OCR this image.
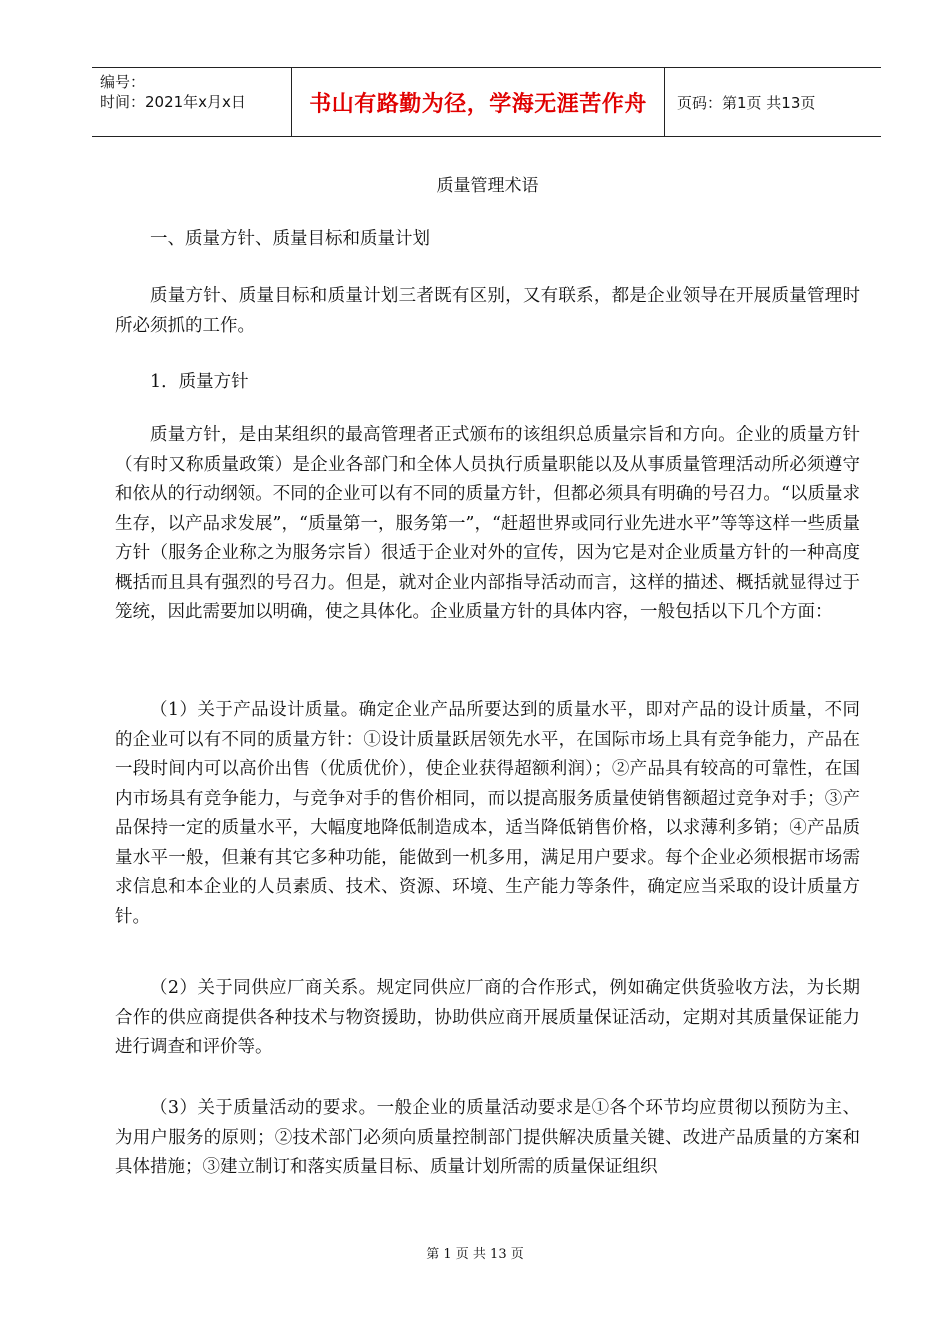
编号：
时间：2021年x月x日	书山有路勤为径，学海无涯苦作舟	页码：第1页 共13页
质量管理术语

一、质量方针、质量目标和质量计划

质量方针、质量目标和质量计划三者既有区别，又有联系，都是企业领导在开展质量管理时所必须抓的工作。

1．质量方针

质量方针，是由某组织的最高管理者正式颁布的该组织总质量宗旨和方向。企业的质量方针（有时又称质量政策）是企业各部门和全体人员执行质量职能以及从事质量管理活动所必须遵守和依从的行动纲领。不同的企业可以有不同的质量方针，但都必须具有明确的号召力。“以质量求生存，以产品求发展”，“质量第一，服务第一”，“赶超世界或同行业先进水平”等等这样一些质量方针（服务企业称之为服务宗旨）很适于企业对外的宣传，因为它是对企业质量方针的一种高度概括而且具有强烈的号召力。但是，就对企业内部指导活动而言，这样的描述、概括就显得过于笼统，因此需要加以明确，使之具体化。企业质量方针的具体内容，一般包括以下几个方面：

（1）关于产品设计质量。确定企业产品所要达到的质量水平，即对产品的设计质量，不同的企业可以有不同的质量方针：①设计质量跃居领先水平，在国际市场上具有竞争能力，产品在一段时间内可以高价出售（优质优价），使企业获得超额利润）；②产品具有较高的可靠性，在国内市场具有竞争能力，与竞争对手的售价相同，而以提高服务质量使销售额超过竞争对手；③产品保持一定的质量水平，大幅度地降低制造成本，适当降低销售价格，以求薄利多销；④产品质量水平一般，但兼有其它多种功能，能做到一机多用，满足用户要求。每个企业必须根据市场需求信息和本企业的人员素质、技术、资源、环境、生产能力等条件，确定应当采取的设计质量方针。

（2）关于同供应厂商关系。规定同供应厂商的合作形式，例如确定供货验收方法，为长期合作的供应商提供各种技术与物资援助，协助供应商开展质量保证活动，定期对其质量保证能力进行调查和评价等。

（3）关于质量活动的要求。一般企业的质量活动要求是①各个环节均应贯彻以预防为主、为用户服务的原则；②技术部门必须向质量控制部门提供解决质量关键、改进产品质量的方案和具体措施；③建立制订和落实质量目标、质量计划所需的质量保证组织

第 1 页 共 13 页
